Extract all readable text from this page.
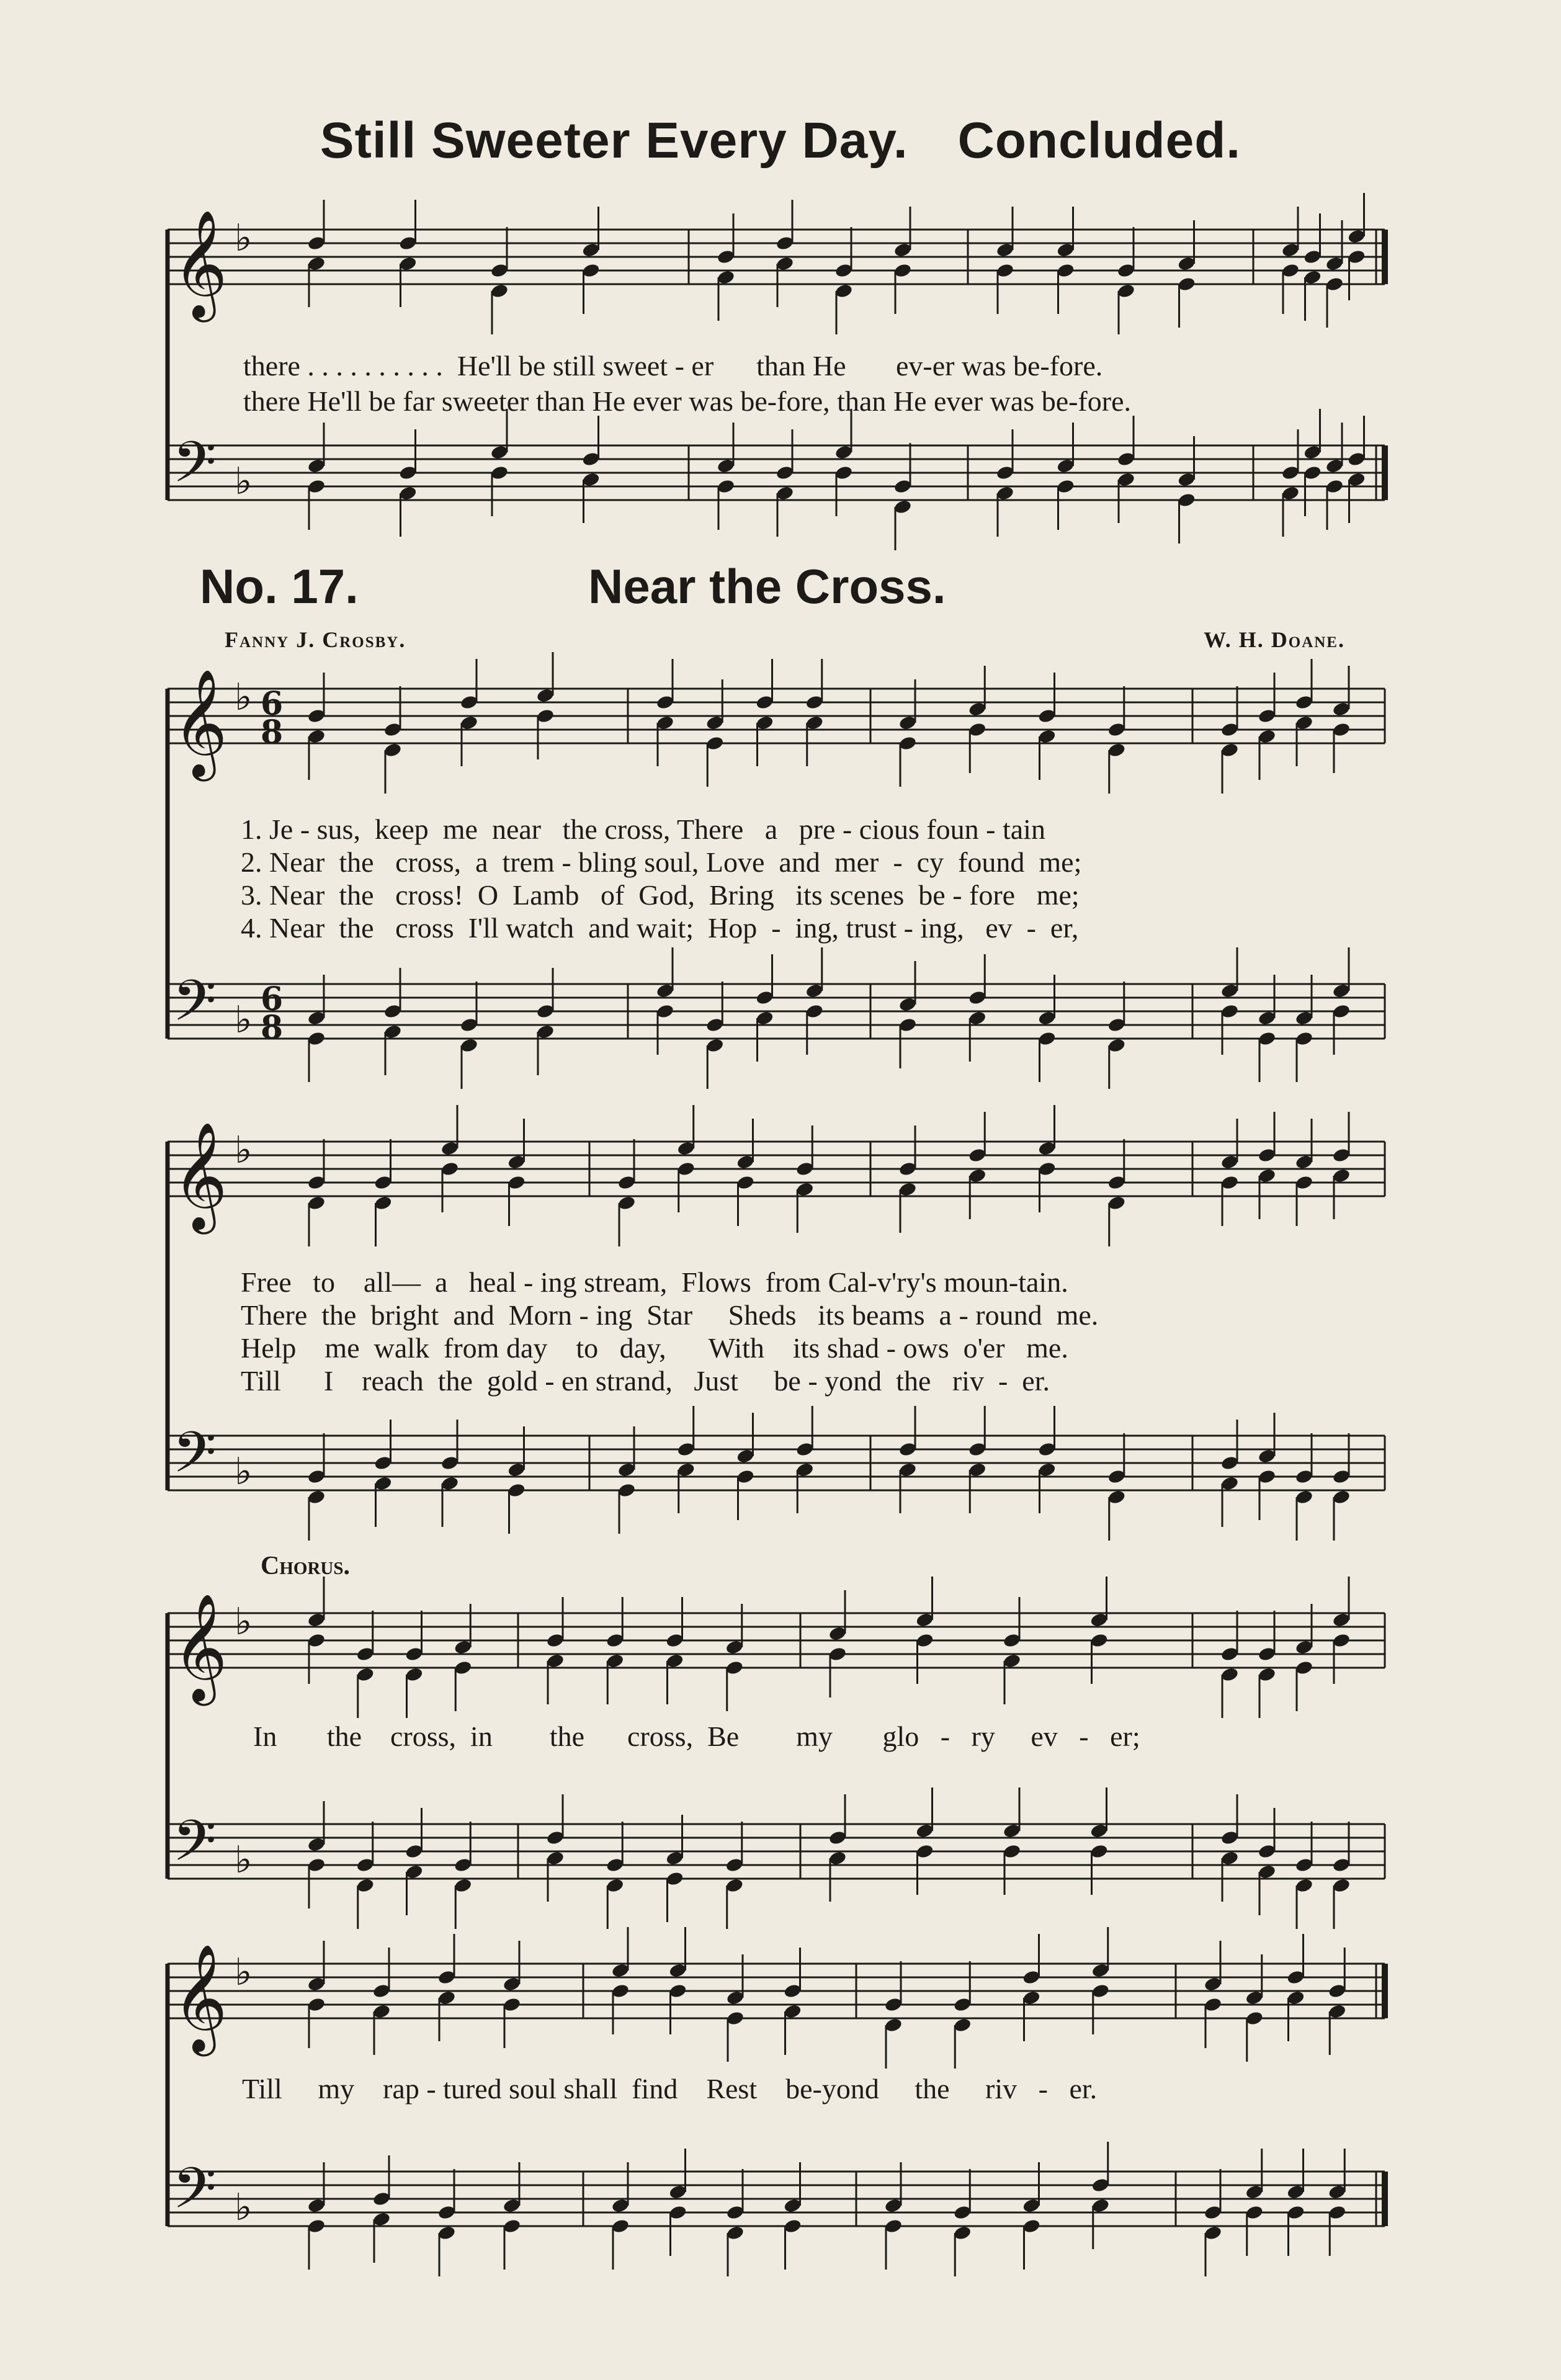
Still Sweeter Every Day. Concluded.
𝄞 ♭
𝄢 ♭
𝄞 ♭
𝄢 ♭
𝄞 ♭
𝄢 ♭
𝄞 ♭
𝄢 ♭
𝄞 ♭
𝄢 ♭
6
8
6
8
there . . . . . . . . . .  He'll be still sweet - er      than He       ev-er was be-fore.
there He'll be far sweeter than He ever was be-fore, than He ever was be-fore.
No. 17.	Near the Cross.
Fanny J. Crosby.	W. H. Doane.
1. Je - sus,  keep  me  near   the cross, There   a   pre - cious foun - tain
2. Near  the   cross,  a  trem - bling soul, Love  and  mer  -  cy  found  me;
3. Near  the   cross!  O  Lamb   of  God,  Bring   its scenes  be - fore   me;
4. Near  the   cross  I'll watch  and wait;  Hop  -  ing, trust - ing,   ev  -  er,
Free   to    all—  a   heal - ing stream,  Flows  from Cal-v'ry's moun-tain.
There  the  bright  and  Morn - ing  Star     Sheds   its beams  a - round  me.
Help    me  walk  from day    to   day,      With    its shad - ows  o'er   me.
Till      I    reach  the  gold - en strand,   Just     be - yond  the   riv  -  er.
Chorus.
In       the    cross,  in        the      cross,  Be        my       glo   -   ry     ev   -   er;
Till     my    rap - tured soul shall  find    Rest    be-yond     the     riv   -   er.
